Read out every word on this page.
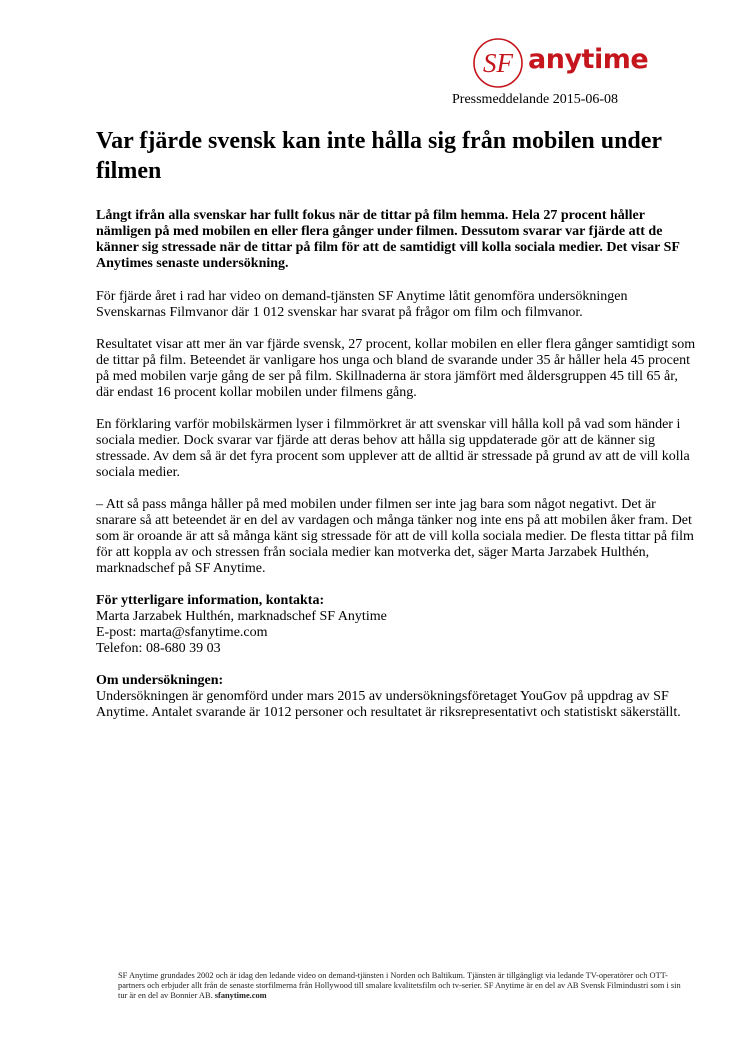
SF anytime
Pressmeddelande 2015-06-08
Var fjärde svensk kan inte hålla sig från mobilen under filmen

Långt ifrån alla svenskar har fullt fokus när de tittar på film hemma. Hela 27 procent håller nämligen på med mobilen en eller flera gånger under filmen. Dessutom svarar var fjärde att de känner sig stressade när de tittar på film för att de samtidigt vill kolla sociala medier. Det visar SF Anytimes senaste undersökning.

För fjärde året i rad har video on demand-tjänsten SF Anytime låtit genomföra undersökningen Svenskarnas Filmvanor där 1 012 svenskar har svarat på frågor om film och filmvanor.

Resultatet visar att mer än var fjärde svensk, 27 procent, kollar mobilen en eller flera gånger samtidigt som de tittar på film. Beteendet är vanligare hos unga och bland de svarande under 35 år håller hela 45 procent på med mobilen varje gång de ser på film. Skillnaderna är stora jämfört med åldersgruppen 45 till 65 år, där endast 16 procent kollar mobilen under filmens gång.

En förklaring varför mobilskärmen lyser i filmmörkret är att svenskar vill hålla koll på vad som händer i sociala medier. Dock svarar var fjärde att deras behov att hålla sig uppdaterade gör att de känner sig stressade. Av dem så är det fyra procent som upplever att de alltid är stressade på grund av att de vill kolla sociala medier.

– Att så pass många håller på med mobilen under filmen ser inte jag bara som något negativt. Det är snarare så att beteendet är en del av vardagen och många tänker nog inte ens på att mobilen åker fram. Det som är oroande är att så många känt sig stressade för att de vill kolla sociala medier. De flesta tittar på film för att koppla av och stressen från sociala medier kan motverka det, säger Marta Jarzabek Hulthén, marknadschef på SF Anytime.

För ytterligare information, kontakta:
Marta Jarzabek Hulthén, marknadschef SF Anytime
E-post: marta@sfanytime.com
Telefon: 08-680 39 03
Om undersökningen:
Undersökningen är genomförd under mars 2015 av undersökningsföretaget YouGov på uppdrag av SF Anytime. Antalet svarande är 1012 personer och resultatet är riksrepresentativt och statistiskt säkerställt.
SF Anytime grundades 2002 och är idag den ledande video on demand-tjänsten i Norden och Baltikum. Tjänsten är tillgängligt via ledande TV-operatörer och OTT-partners och erbjuder allt från de senaste storfilmerna från Hollywood till smalare kvalitetsfilm och tv-serier. SF Anytime är en del av AB Svensk Filmindustri som i sin tur är en del av Bonnier AB. sfanytime.com
